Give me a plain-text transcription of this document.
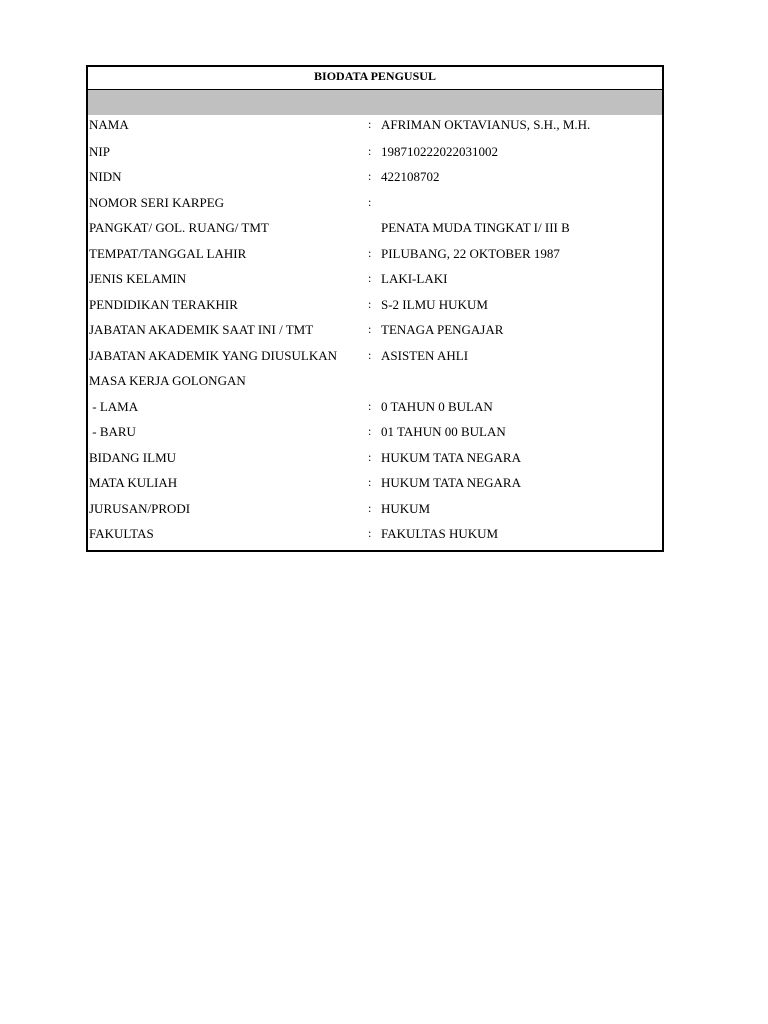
BIODATA PENGUSUL
NAMA	: AFRIMAN OKTAVIANUS, S.H., M.H.
NIP	: 198710222022031002
NIDN	: 422108702
NOMOR SERI KARPEG	:
PANGKAT/ GOL. RUANG/ TMT	PENATA MUDA TINGKAT I/ III B
TEMPAT/TANGGAL LAHIR	: PILUBANG, 22 OKTOBER 1987
JENIS KELAMIN	: LAKI-LAKI
PENDIDIKAN TERAKHIR	: S-2 ILMU HUKUM
JABATAN AKADEMIK SAAT INI / TMT	: TENAGA PENGAJAR
JABATAN AKADEMIK YANG DIUSULKAN	: ASISTEN AHLI
MASA KERJA GOLONGAN
- LAMA	: 0 TAHUN 0 BULAN
- BARU	: 01 TAHUN 00 BULAN
BIDANG ILMU	: HUKUM TATA NEGARA
MATA KULIAH	: HUKUM TATA NEGARA
JURUSAN/PRODI	: HUKUM
FAKULTAS	: FAKULTAS HUKUM
